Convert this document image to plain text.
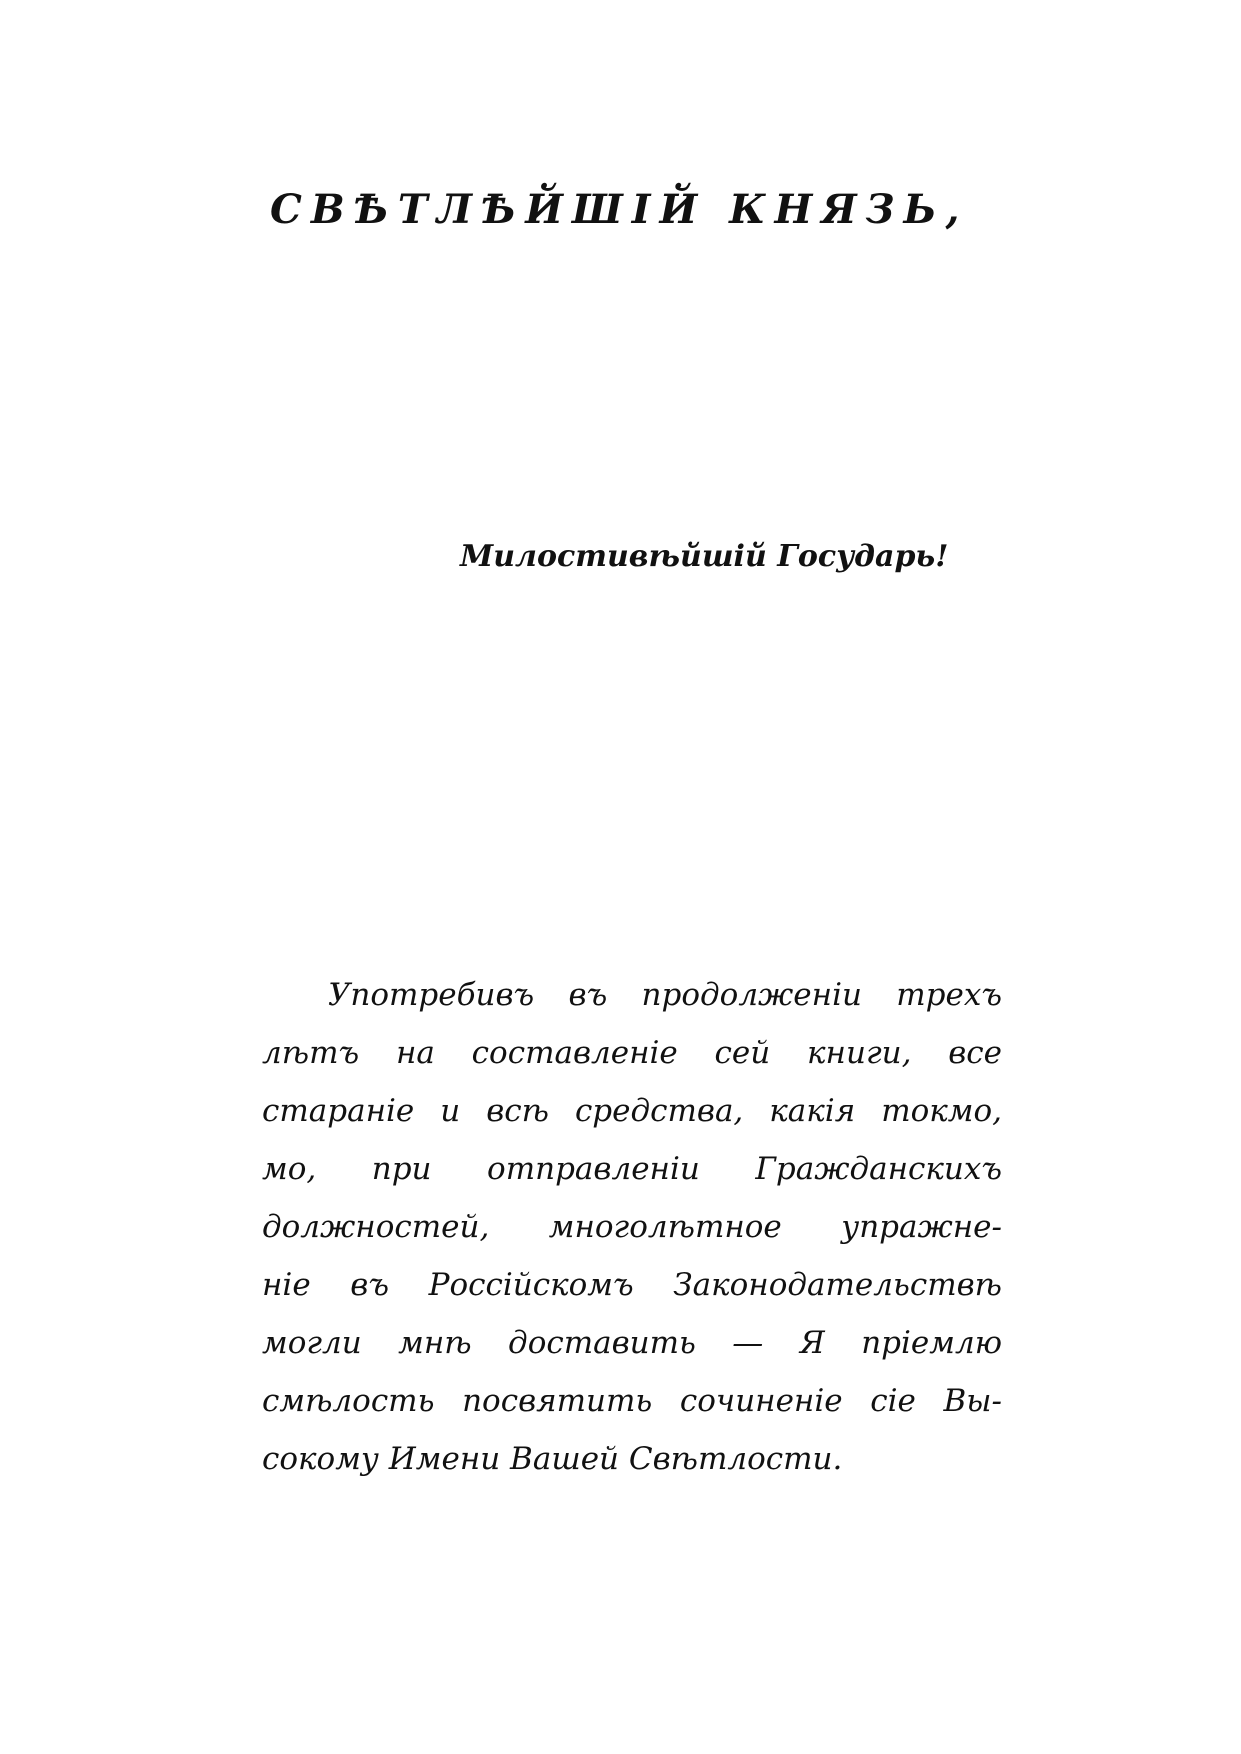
СВѢТЛѢЙШІЙ КНЯЗЬ,

Милостивѣйшій Государь!

Употребивъ въ продолженіи трехъ
лѣтъ на составленіе сей книги, все
стараніе и всѣ средства, какія токмо,
мо, при отправленіи Гражданскихъ
должностей, многолѣтное упражне-
ніе въ Россійскомъ Законодательствѣ
могли мнѣ доставить — Я пріемлю
смѣлость посвятить сочиненіе сіе Вы-
сокому Имени Вашей Свѣтлости.
